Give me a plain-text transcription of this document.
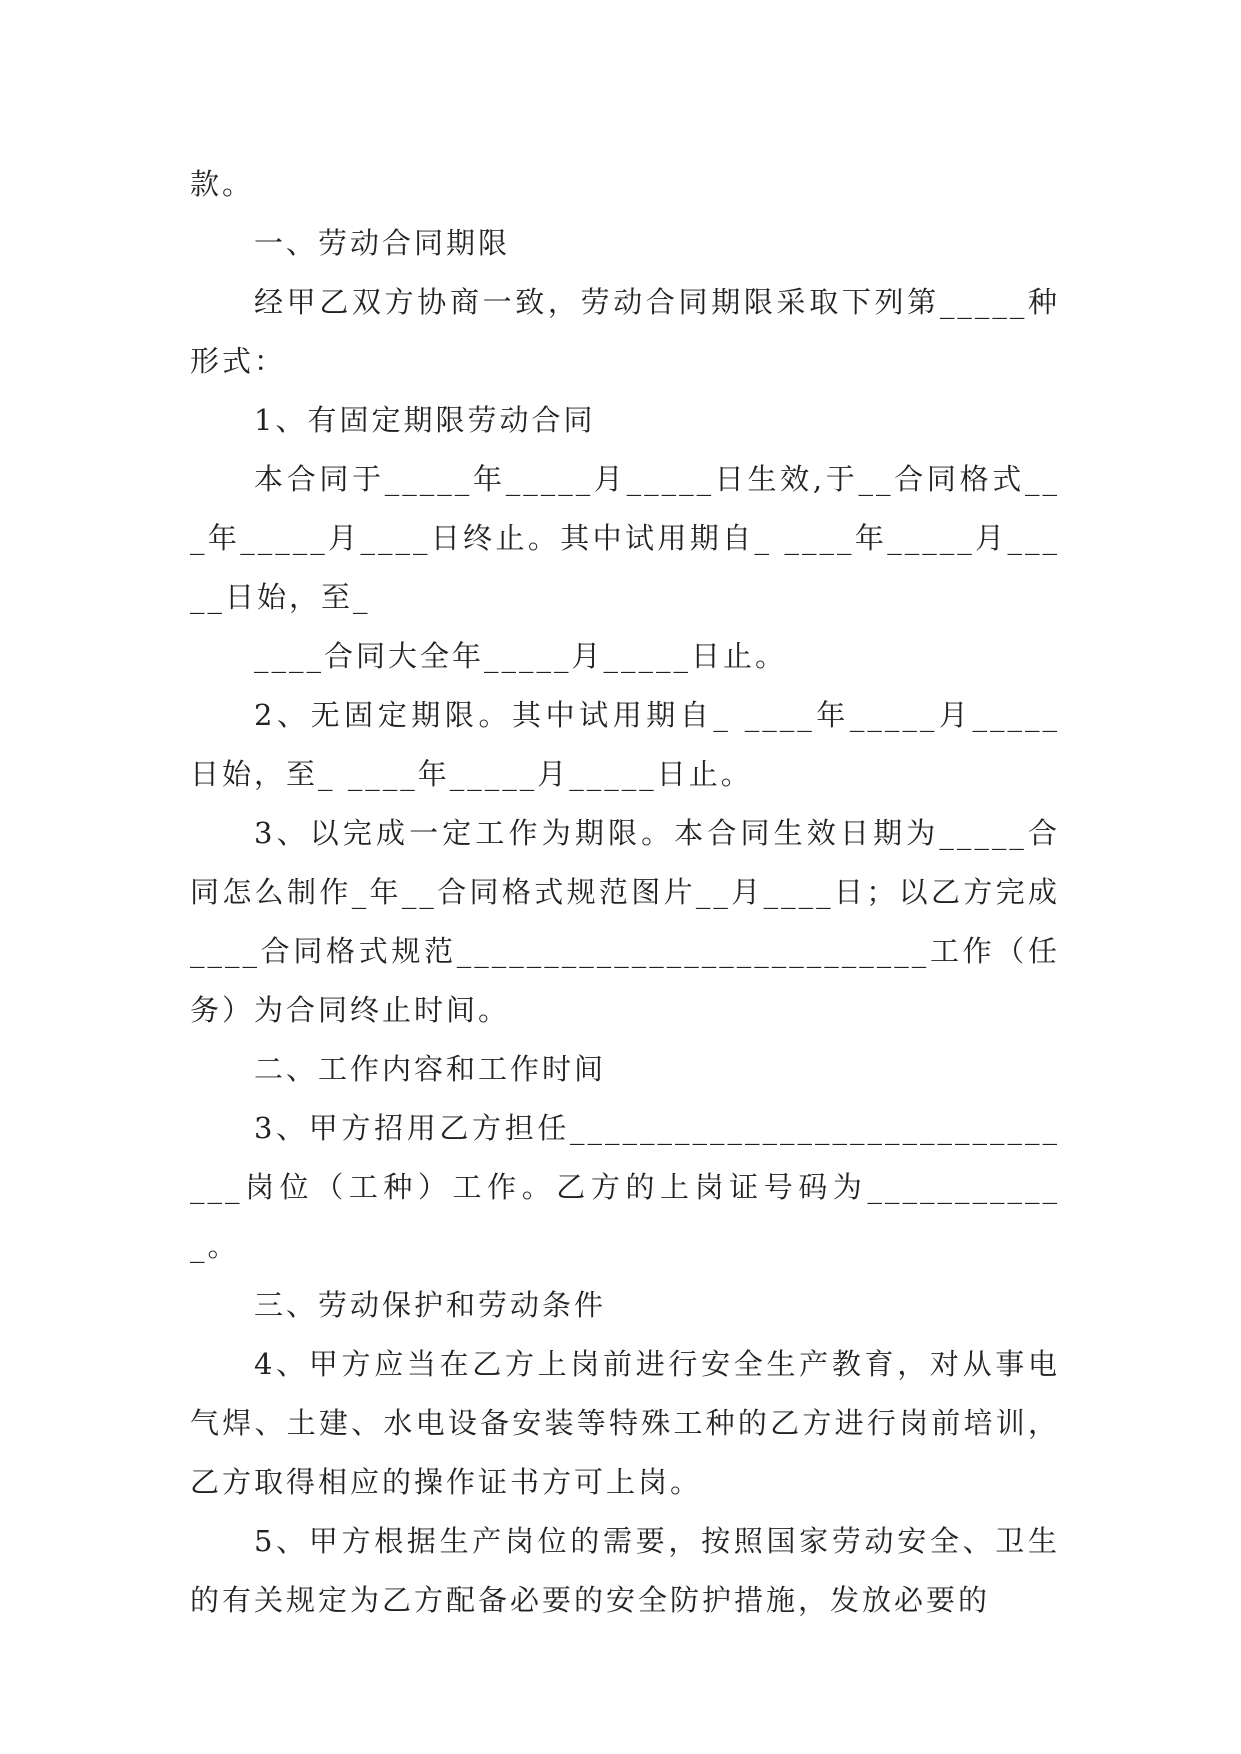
款。

一、劳动合同期限

经甲乙双方协商一致，劳动合同期限采取下列第_____种形式：

1、有固定期限劳动合同

本合同于_____年_____月_____日生效,于__合同格式___年_____月____日终止。其中试用期自_ ____年_____月_____日始，至_

____合同大全年_____月_____日止。

2、无固定期限。其中试用期自_ ____年_____月_____日始，至_ ____年_____月_____日止。

3、以完成一定工作为期限。本合同生效日期为_____合同怎么制作_年__合同格式规范图片__月____日；以乙方完成____合同格式规范___________________________工作（任务）为合同终止时间。

二、工作内容和工作时间

3、甲方招用乙方担任_______________________________岗位（工种）工作。乙方的上岗证号码为____________。

三、劳动保护和劳动条件

4、甲方应当在乙方上岗前进行安全生产教育，对从事电气焊、土建、水电设备安装等特殊工种的乙方进行岗前培训，乙方取得相应的操作证书方可上岗。

5、甲方根据生产岗位的需要，按照国家劳动安全、卫生的有关规定为乙方配备必要的安全防护措施，发放必要的
